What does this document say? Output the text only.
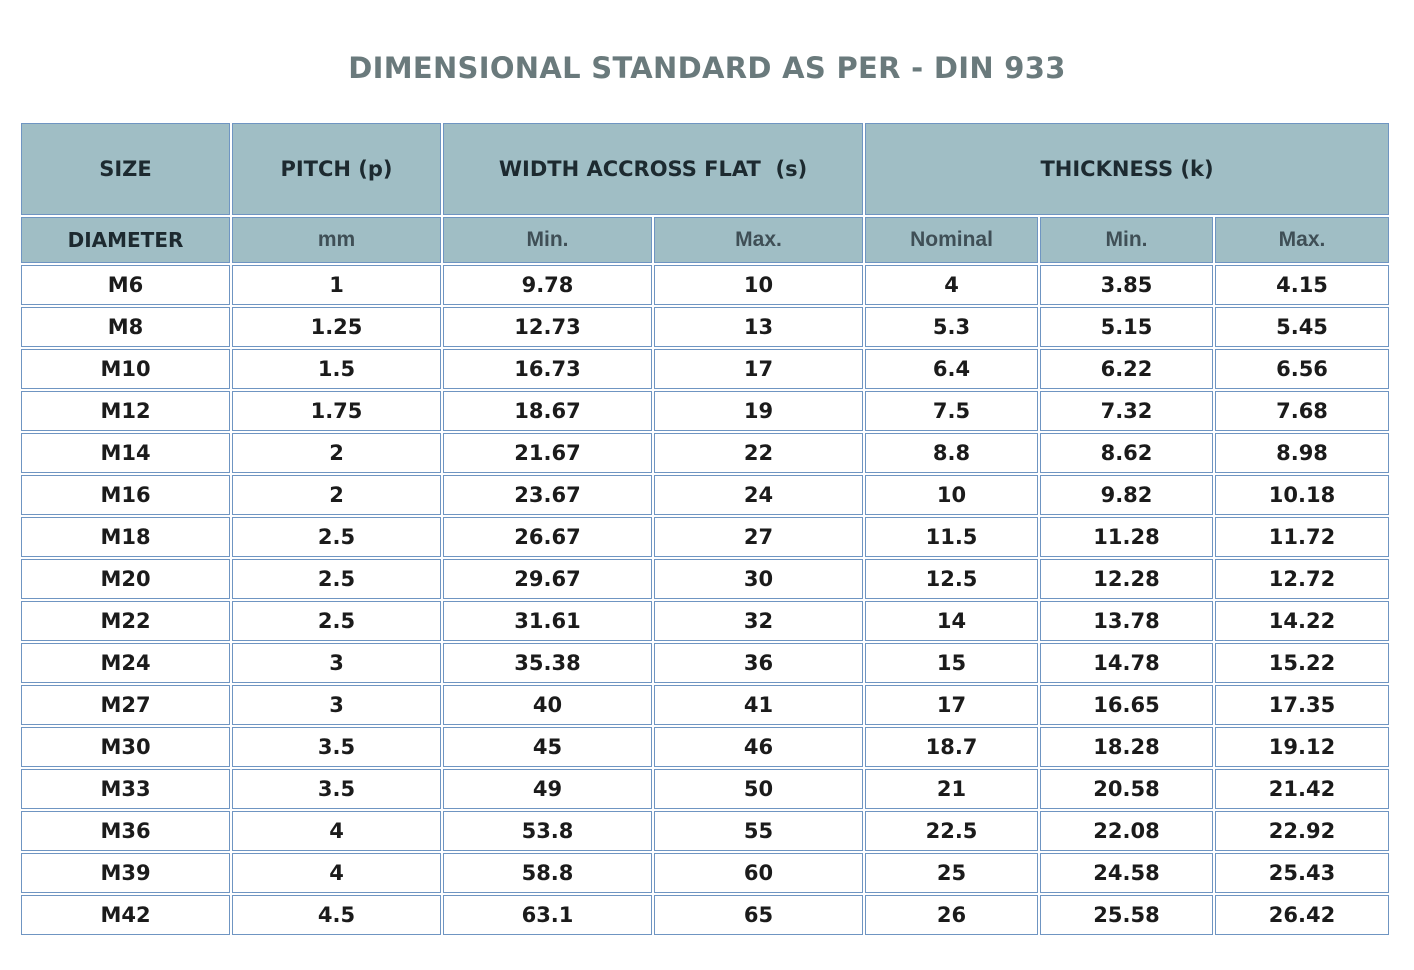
DIMENSIONAL STANDARD AS PER - DIN 933
SIZE	PITCH (p)	WIDTH ACCROSS FLAT  (s)		THICKNESS (k)		
DIAMETER	mm	Min.	Max.	Nominal	Min.	Max.
M6	1	9.78	10	4	3.85	4.15
M8	1.25	12.73	13	5.3	5.15	5.45
M10	1.5	16.73	17	6.4	6.22	6.56
M12	1.75	18.67	19	7.5	7.32	7.68
M14	2	21.67	22	8.8	8.62	8.98
M16	2	23.67	24	10	9.82	10.18
M18	2.5	26.67	27	11.5	11.28	11.72
M20	2.5	29.67	30	12.5	12.28	12.72
M22	2.5	31.61	32	14	13.78	14.22
M24	3	35.38	36	15	14.78	15.22
M27	3	40	41	17	16.65	17.35
M30	3.5	45	46	18.7	18.28	19.12
M33	3.5	49	50	21	20.58	21.42
M36	4	53.8	55	22.5	22.08	22.92
M39	4	58.8	60	25	24.58	25.43
M42	4.5	63.1	65	26	25.58	26.42
